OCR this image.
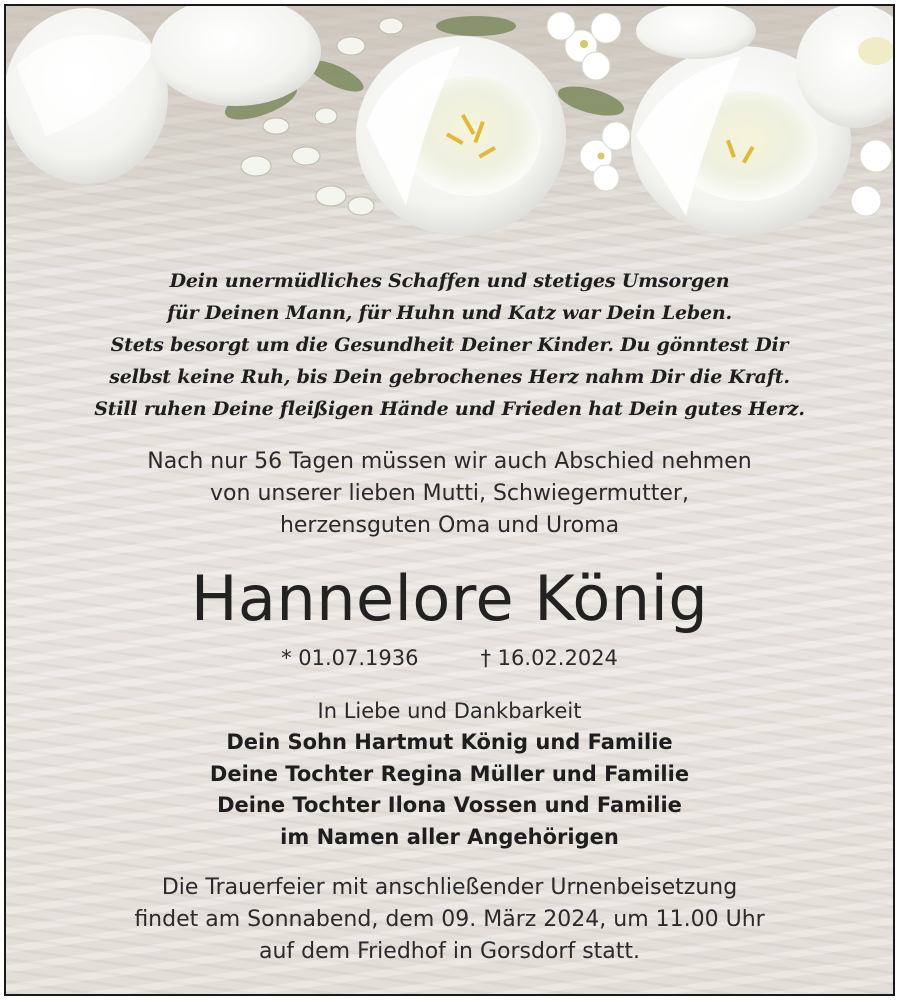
Dein unermüdliches Schaffen und stetiges Umsorgen
für Deinen Mann, für Huhn und Katz war Dein Leben.
Stets besorgt um die Gesundheit Deiner Kinder. Du gönntest Dir
selbst keine Ruh, bis Dein gebrochenes Herz nahm Dir die Kraft.
Still ruhen Deine fleißigen Hände und Frieden hat Dein gutes Herz.
Nach nur 56 Tagen müssen wir auch Abschied nehmen
von unserer lieben Mutti, Schwiegermutter,
herzensguten Oma und Uroma
Hannelore König
* 01.07.1936	† 16.02.2024
In Liebe und Dankbarkeit
Dein Sohn Hartmut König und Familie
Deine Tochter Regina Müller und Familie
Deine Tochter Ilona Vossen und Familie
im Namen aller Angehörigen
Die Trauerfeier mit anschließender Urnenbeisetzung
findet am Sonnabend, dem 09. März 2024, um 11.00 Uhr
auf dem Friedhof in Gorsdorf statt.
